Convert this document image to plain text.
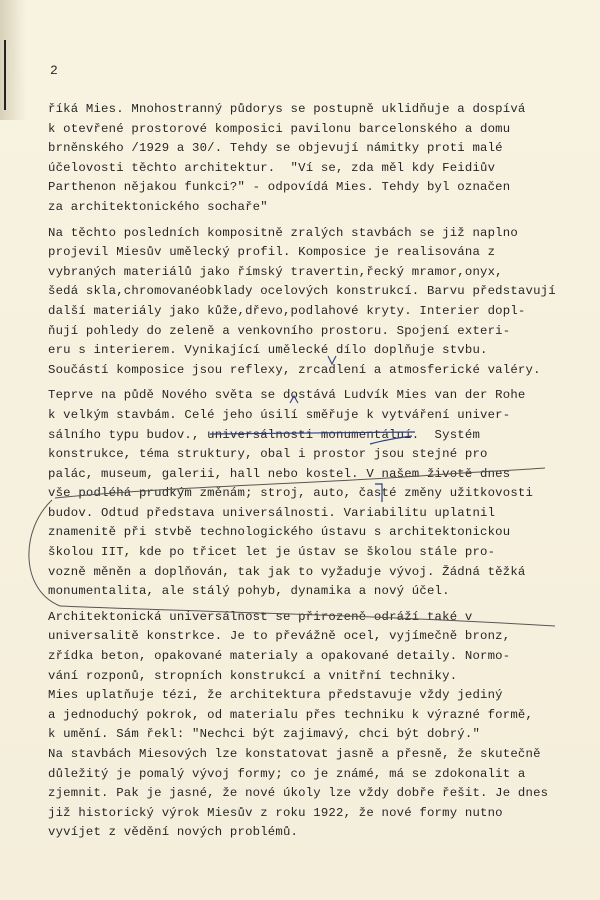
2
říká Mies. Mnohostranný půdorys se postupně uklidňuje a dospívá
k otevřené prostorové komposici pavilonu barcelonského a domu
brněnského /1929 a 30/. Tehdy se objevují námitky proti malé
účelovosti těchto architektur.  "Ví se, zda měl kdy Feidiův
Parthenon nějakou funkci?" - odpovídá Mies. Tehdy byl označen
za architektonického sochaře"
Na těchto posledních kompositně zralých stavbách se již naplno
projevil Miesův umělecký profil. Komposice je realisována z
vybraných materiálů jako římský travertin,řecký mramor,onyx,
šedá skla,chromovanéobklady ocelových konstrukcí. Barvu představují
další materiály jako kůže,dřevo,podlahové kryty. Interier dopl-
ňují pohledy do zeleně a venkovního prostoru. Spojení exteri-
eru s interierem. Vynikající umělecké dílo doplňuje stvbu.
Součástí komposice jsou reflexy, zrcadlení a atmosferické valéry.
Teprve na půdě Nového světa se dostává Ludvík Mies van der Rohe
k velkým stavbám. Celé jeho úsilí směřuje k vytváření univer-
sálního typu budov., universálnosti monumentální.  Systém
konstrukce, téma struktury, obal i prostor jsou stejné pro
palác, museum, galerii, hall nebo kostel. V našem životě dnes
vše podléhá prudkým změnám; stroj, auto, časté změny užitkovosti
budov. Odtud představa universálnosti. Variabilitu uplatnil
znamenitě při stvbě technologického ústavu s architektonickou
školou IIT, kde po třicet let je ústav se školou stále pro-
vozně měněn a doplňován, tak jak to vyžaduje vývoj. Žádná těžká
monumentalita, ale stálý pohyb, dynamika a nový účel.
Architektonická universálnost se přirozeně odráží také v
universalitě konstrkce. Je to převážně ocel, vyjímečně bronz,
zřídka beton, opakované materialy a opakované detaily. Normo-
vání rozponů, stropních konstrukcí a vnitřní techniky.
Mies uplatňuje tézi, že architektura představuje vždy jediný
a jednoduchý pokrok, od materialu přes techniku k výrazné formě,
k umění. Sám řekl: "Nechci být zajimavý, chci být dobrý."
Na stavbách Miesových lze konstatovat jasně a přesně, že skutečně
důležitý je pomalý vývoj formy; co je známé, má se zdokonalit a
zjemnit. Pak je jasné, že nové úkoly lze vždy dobře řešit. Je dnes
již historický výrok Miesův z roku 1922, že nové formy nutno
vyvíjet z vědění nových problémů.
